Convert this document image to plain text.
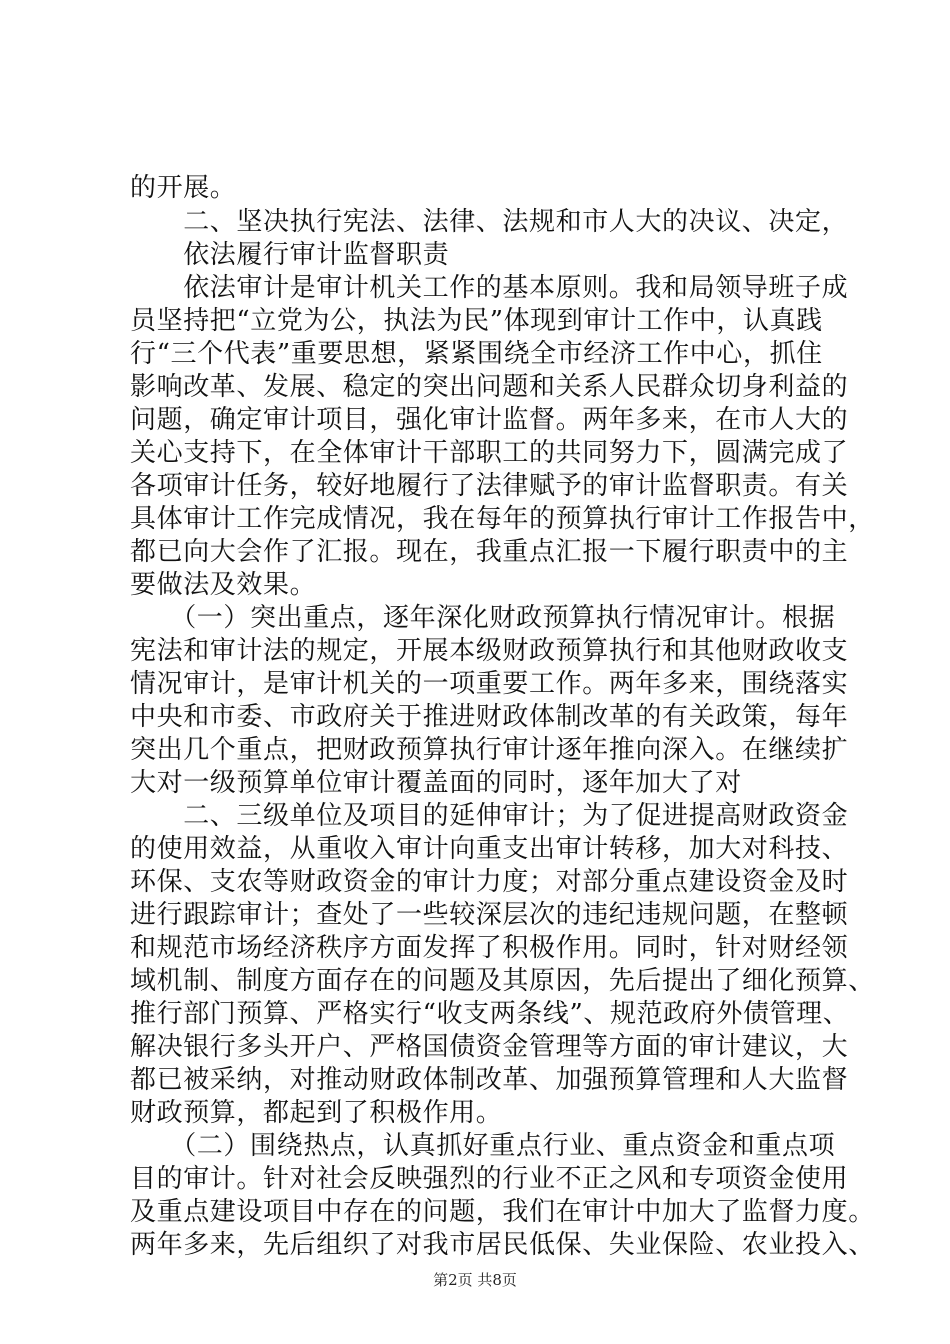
的开展。
　　二、坚决执行宪法、法律、法规和市人大的决议、决定，
　　依法履行审计监督职责
　　依法审计是审计机关工作的基本原则。我和局领导班子成
员坚持把“立党为公，执法为民”体现到审计工作中，认真践
行“三个代表”重要思想，紧紧围绕全市经济工作中心，抓住
影响改革、发展、稳定的突出问题和关系人民群众切身利益的
问题，确定审计项目，强化审计监督。两年多来，在市人大的
关心支持下，在全体审计干部职工的共同努力下，圆满完成了
各项审计任务，较好地履行了法律赋予的审计监督职责。有关
具体审计工作完成情况，我在每年的预算执行审计工作报告中，
都已向大会作了汇报。现在，我重点汇报一下履行职责中的主
要做法及效果。
　　（一）突出重点，逐年深化财政预算执行情况审计。根据
宪法和审计法的规定，开展本级财政预算执行和其他财政收支
情况审计，是审计机关的一项重要工作。两年多来，围绕落实
中央和市委、市政府关于推进财政体制改革的有关政策，每年
突出几个重点，把财政预算执行审计逐年推向深入。在继续扩
大对一级预算单位审计覆盖面的同时，逐年加大了对
　　二、三级单位及项目的延伸审计；为了促进提高财政资金
的使用效益，从重收入审计向重支出审计转移，加大对科技、
环保、支农等财政资金的审计力度；对部分重点建设资金及时
进行跟踪审计；查处了一些较深层次的违纪违规问题，在整顿
和规范市场经济秩序方面发挥了积极作用。同时，针对财经领
域机制、制度方面存在的问题及其原因，先后提出了细化预算、
推行部门预算、严格实行“收支两条线”、规范政府外债管理、
解决银行多头开户、严格国债资金管理等方面的审计建议，大
都已被采纳，对推动财政体制改革、加强预算管理和人大监督
财政预算，都起到了积极作用。
　　（二）围绕热点，认真抓好重点行业、重点资金和重点项
目的审计。针对社会反映强烈的行业不正之风和专项资金使用
及重点建设项目中存在的问题，我们在审计中加大了监督力度。
两年多来，先后组织了对我市居民低保、失业保险、农业投入、
第2页 共8页
